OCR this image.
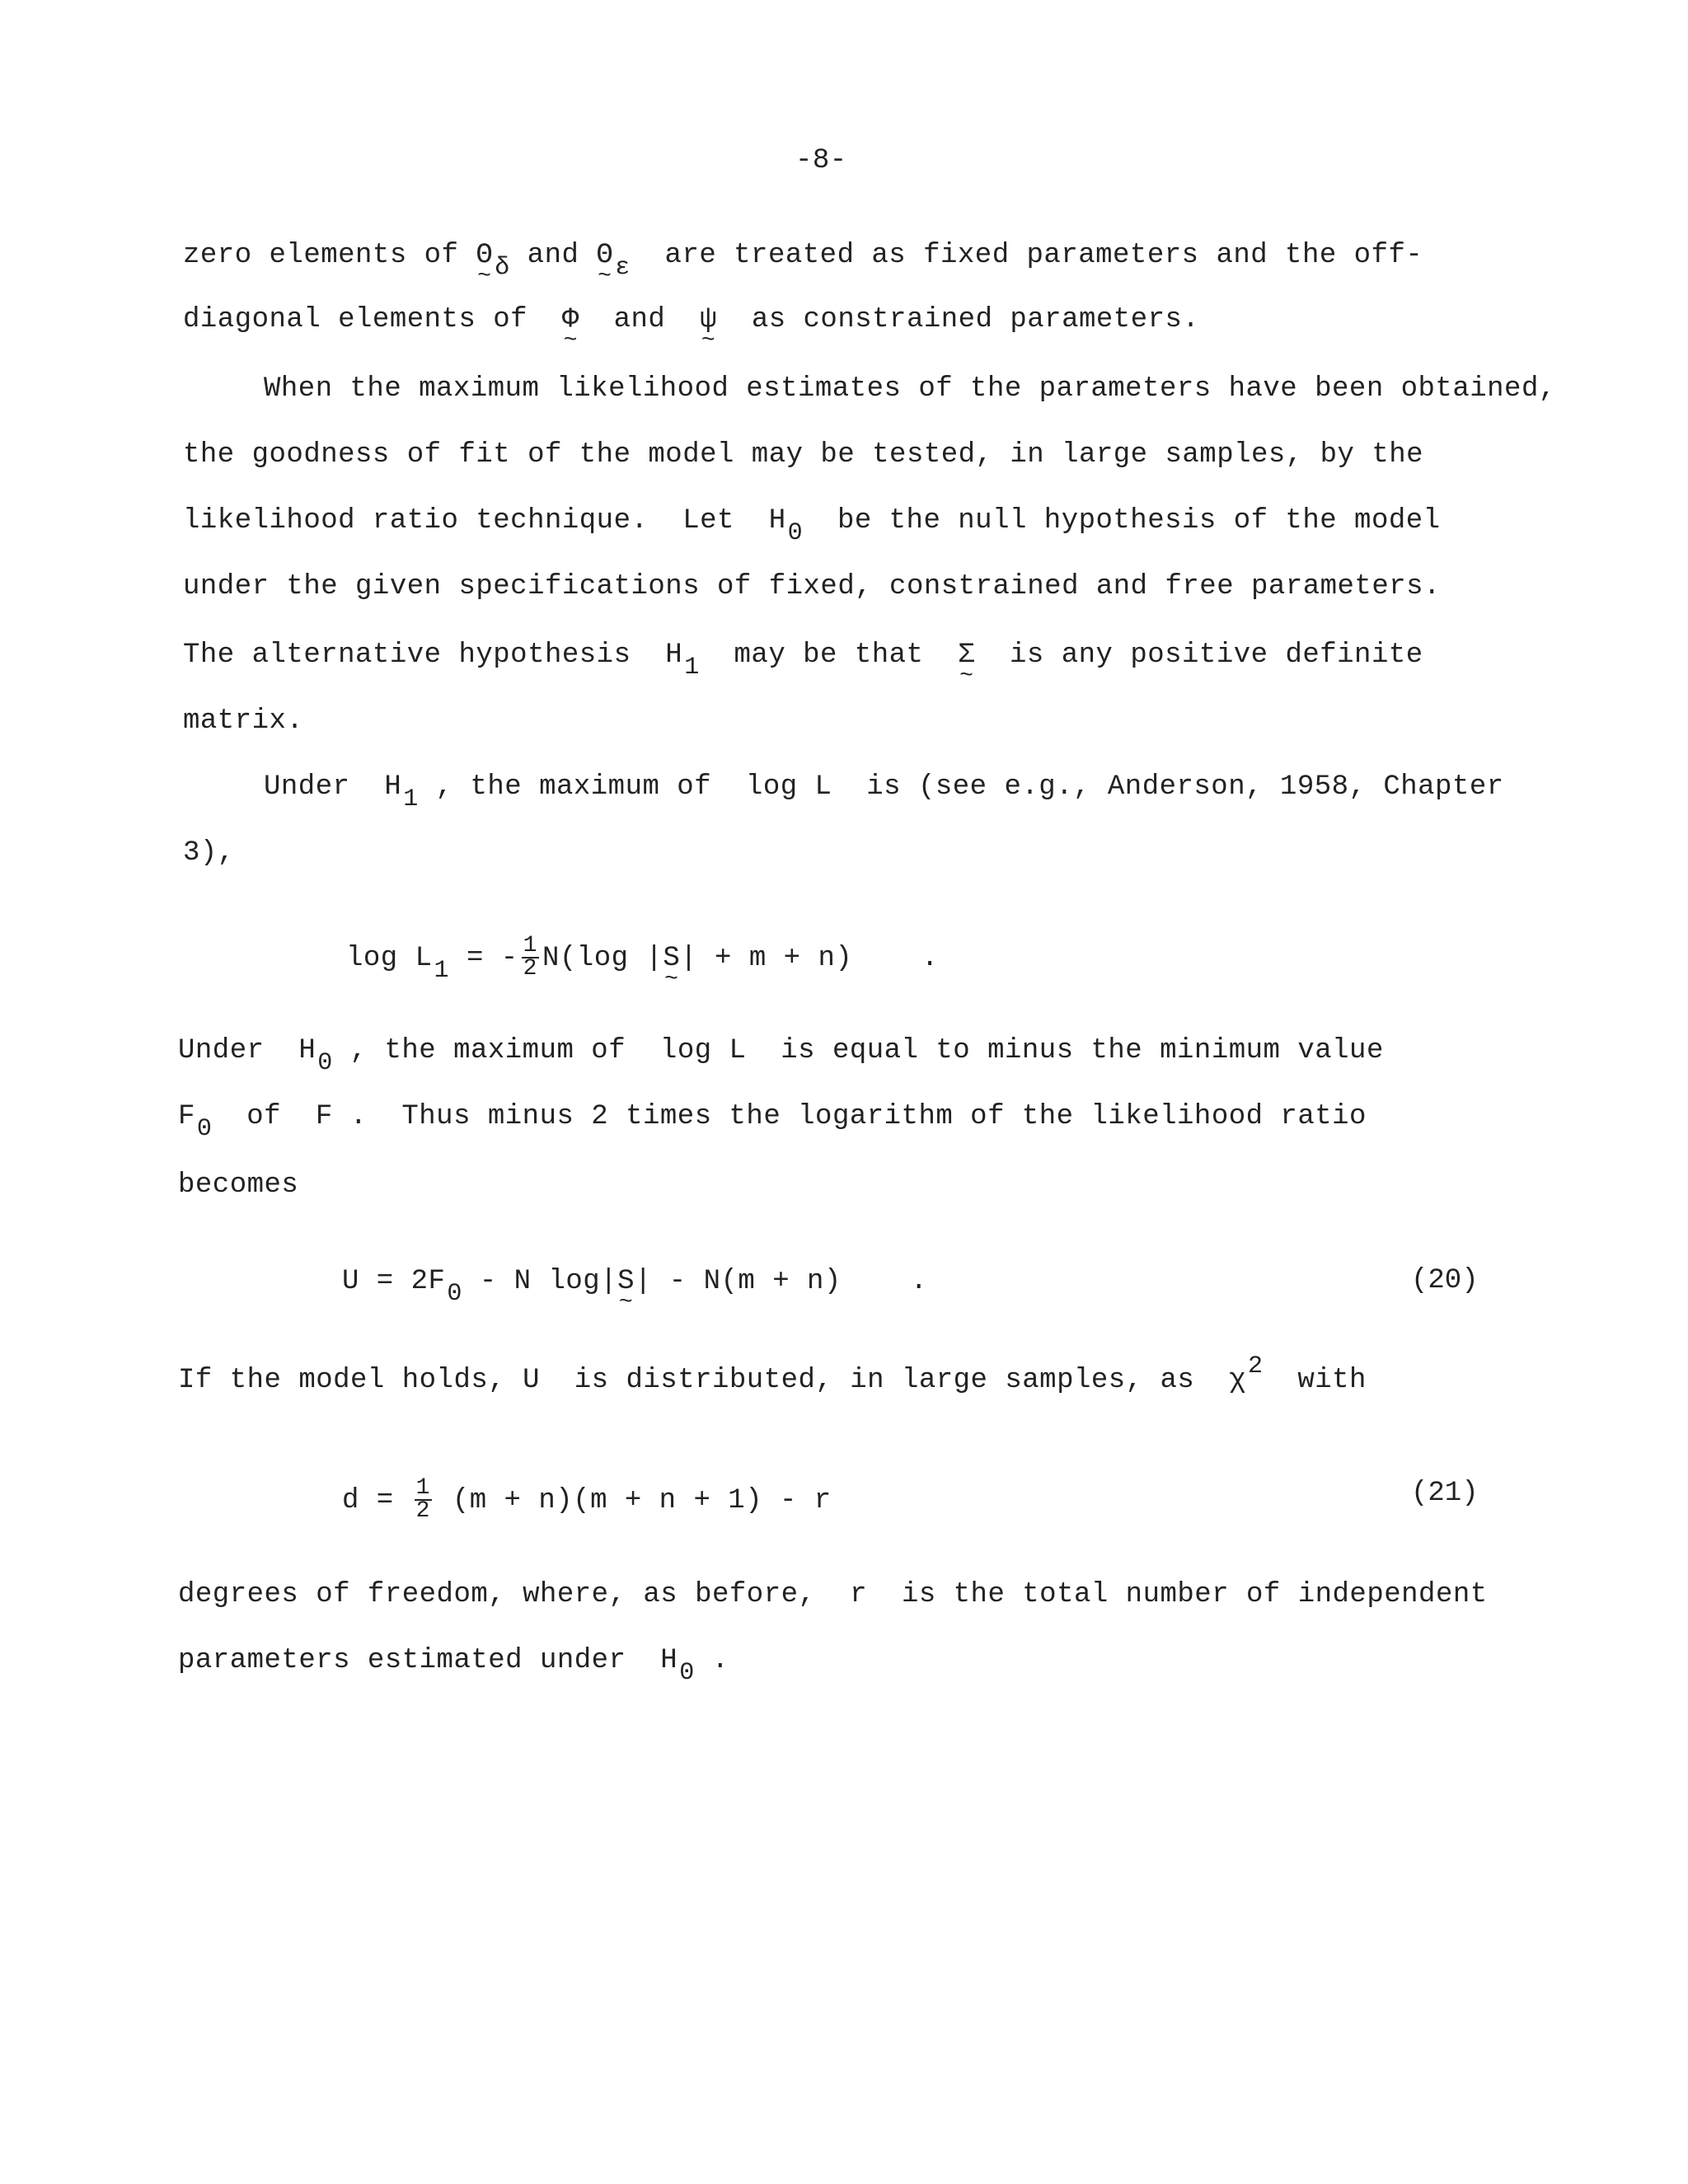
-8-
zero elements of Θ
~ δ and Θ
~ ε  are treated as fixed parameters and the off-
diagonal elements of  Φ
~
and  ψ
~
as constrained parameters.
When the maximum likelihood estimates of the parameters have been obtained,
the goodness of fit of the model may be tested, in large samples, by the
likelihood ratio technique.  Let  H0  be the null hypothesis of the model
under the given specifications of fixed, constrained and free parameters.
The alternative hypothesis  H1  may be that  Σ
~
is any positive definite
matrix.
Under  H1 , the maximum of  log L  is (see e.g., Anderson, 1958, Chapter
3),
log L1 = - $\frac{1}{2} N(\log$ |S
~
| + m + n)    .
Under  H0 , the maximum of  log L  is equal to minus the minimum value
F0  of  F .  Thus minus 2 times the logarithm of the likelihood ratio
becomes
U = 2F0 - N log|S
~
| - N(m + n)    .	(20)
If the model holds, U  is distributed, in large samples, as  χ2  with
$d = \frac{1}{2} (m + n)(m + n + 1) - r$	(21)
degrees of freedom, where, as before,  r  is the total number of independent
parameters estimated under  H0 .
